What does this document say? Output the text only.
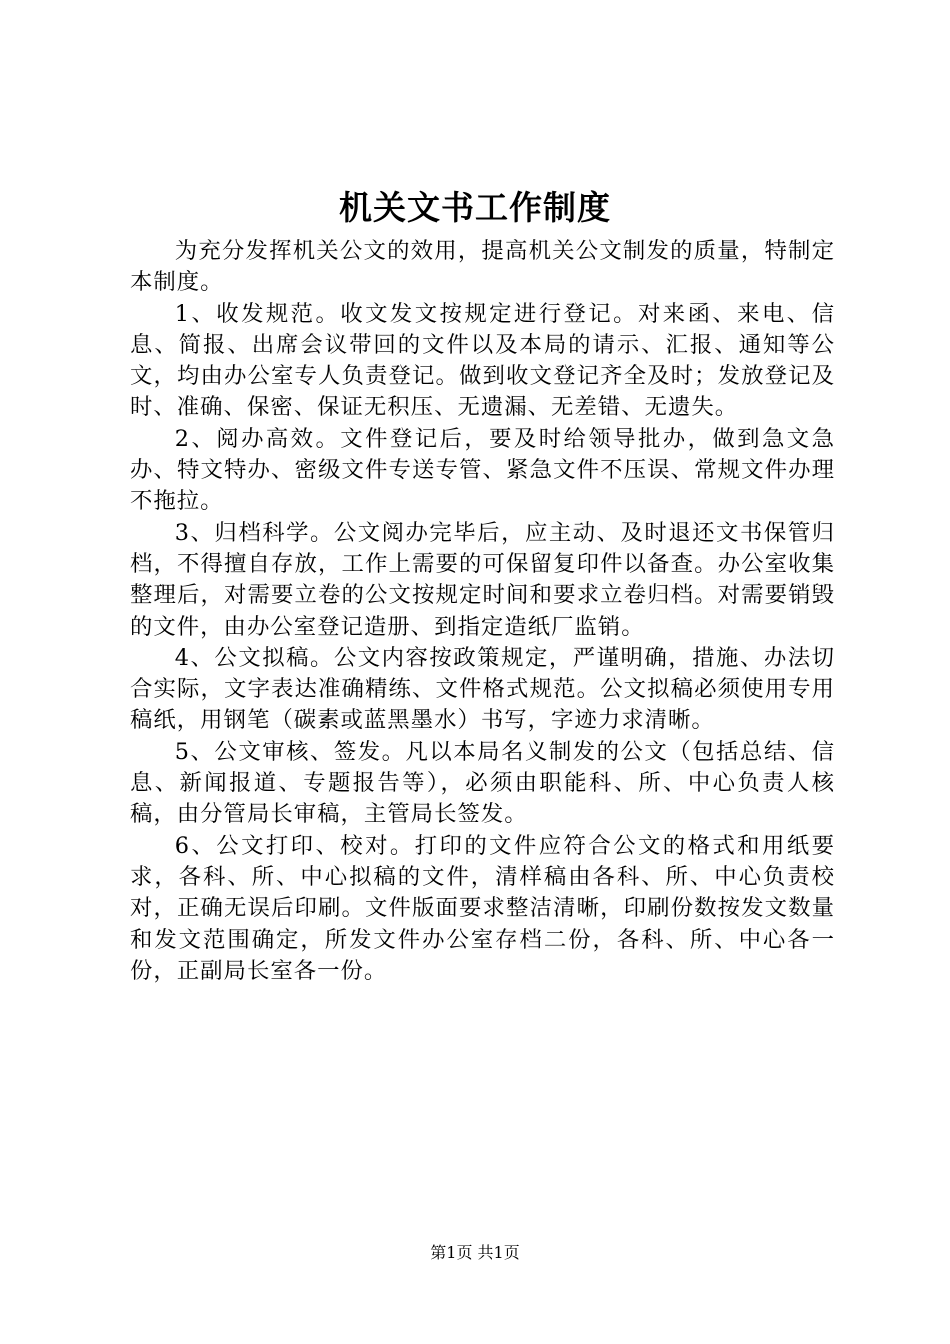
机关文书工作制度

为充分发挥机关公文的效用，提高机关公文制发的质量，特制定本制度。

1、收发规范。收文发文按规定进行登记。对来函、来电、信息、简报、出席会议带回的文件以及本局的请示、汇报、通知等公文，均由办公室专人负责登记。做到收文登记齐全及时；发放登记及时、准确、保密、保证无积压、无遗漏、无差错、无遗失。

2、阅办高效。文件登记后，要及时给领导批办，做到急文急办、特文特办、密级文件专送专管、紧急文件不压误、常规文件办理不拖拉。

3、归档科学。公文阅办完毕后，应主动、及时退还文书保管归档，不得擅自存放，工作上需要的可保留复印件以备查。办公室收集整理后，对需要立卷的公文按规定时间和要求立卷归档。对需要销毁的文件，由办公室登记造册、到指定造纸厂监销。

4、公文拟稿。公文内容按政策规定，严谨明确，措施、办法切合实际，文字表达准确精练、文件格式规范。公文拟稿必须使用专用稿纸，用钢笔（碳素或蓝黑墨水）书写，字迹力求清晰。

5、公文审核、签发。凡以本局名义制发的公文（包括总结、信息、新闻报道、专题报告等），必须由职能科、所、中心负责人核稿，由分管局长审稿，主管局长签发。

6、公文打印、校对。打印的文件应符合公文的格式和用纸要求，各科、所、中心拟稿的文件，清样稿由各科、所、中心负责校对，正确无误后印刷。文件版面要求整洁清晰，印刷份数按发文数量和发文范围确定，所发文件办公室存档二份，各科、所、中心各一份，正副局长室各一份。

第1页 共1页
